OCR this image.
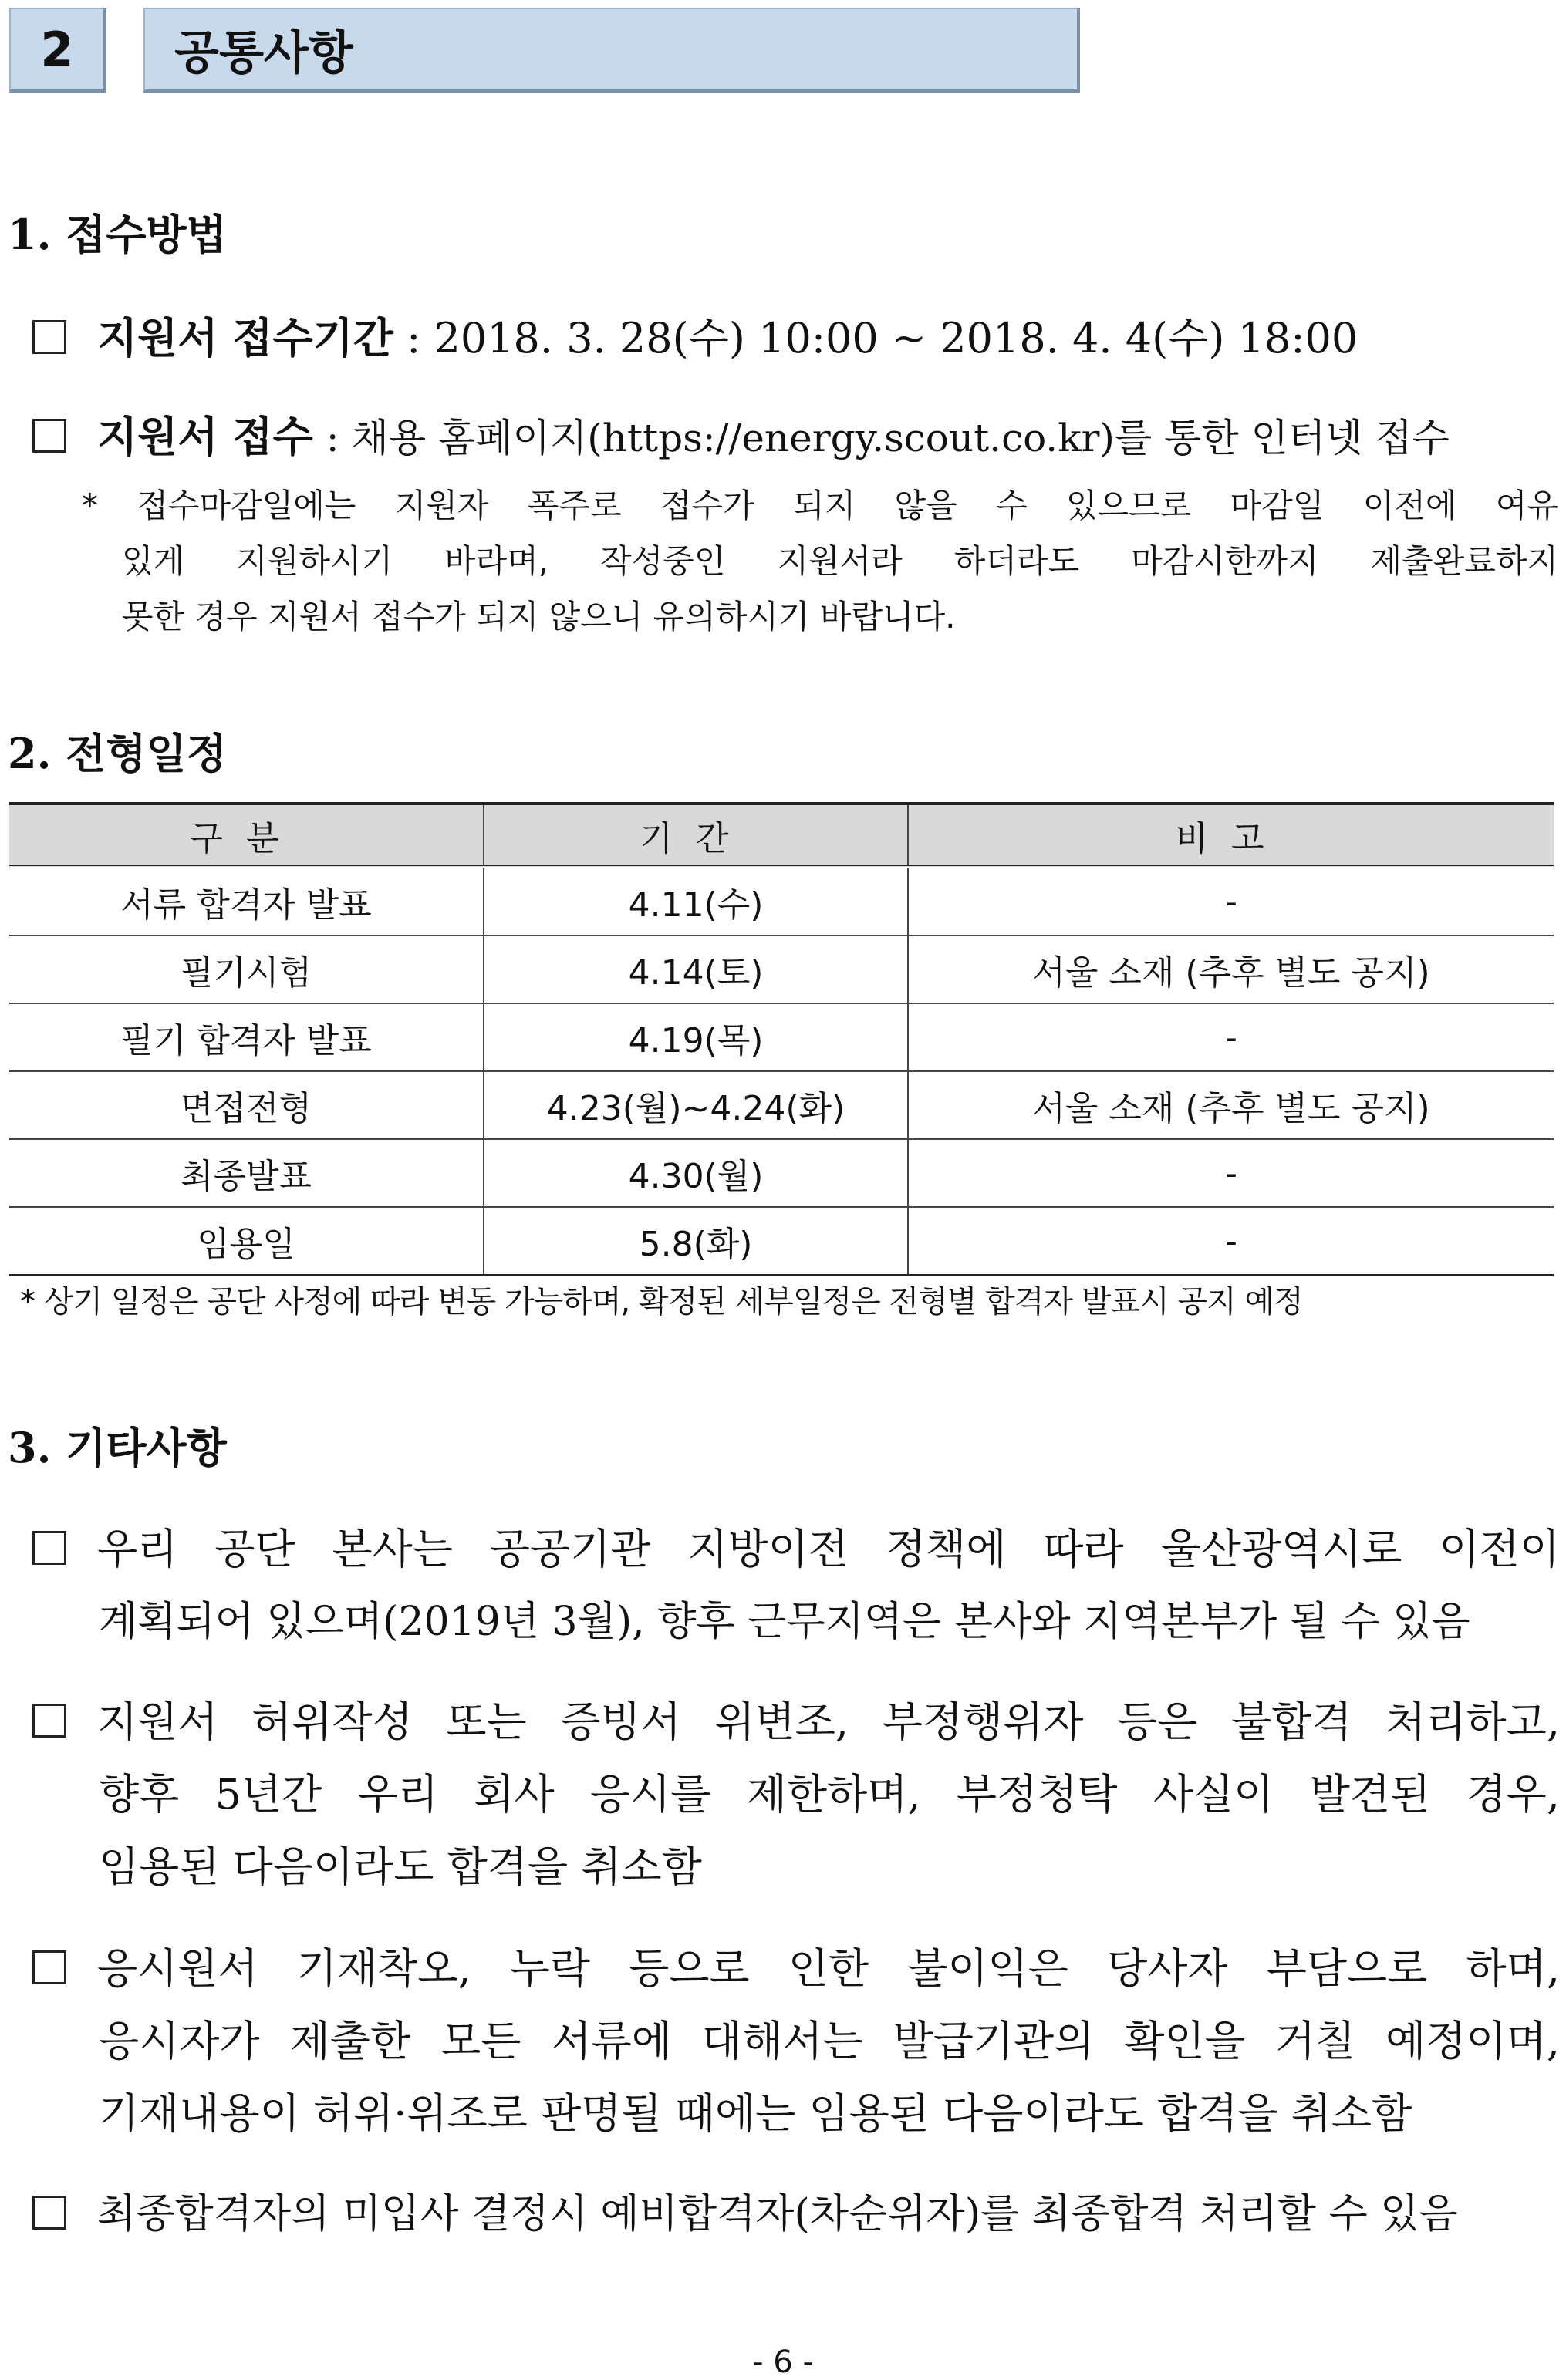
2 공통사항
1. 접수방법
지원서 접수기간 : 2018. 3. 28(수) 10:00 ~ 2018. 4. 4(수) 18:00
지원서 접수 : 채용 홈페이지(https://energy.scout.co.kr)를 통한 인터넷 접수
* 접수마감일에는 지원자 폭주로 접수가 되지 않을 수 있으므로 마감일 이전에 여유
있게 지원하시기 바라며, 작성중인 지원서라 하더라도 마감시한까지 제출완료하지
못한 경우 지원서 접수가 되지 않으니 유의하시기 바랍니다.
2. 전형일정
구분	기간	비고
서류 합격자 발표	4.11(수)	-
필기시험	4.14(토)	서울 소재 (추후 별도 공지)
필기 합격자 발표	4.19(목)	-
면접전형	4.23(월)~4.24(화)	서울 소재 (추후 별도 공지)
최종발표	4.30(월)	-
임용일	5.8(화)	-
* 상기 일정은 공단 사정에 따라 변동 가능하며, 확정된 세부일정은 전형별 합격자 발표시 공지 예정
3. 기타사항
우리 공단 본사는 공공기관 지방이전 정책에 따라 울산광역시로 이전이
계획되어 있으며(2019년 3월), 향후 근무지역은 본사와 지역본부가 될 수 있음
지원서 허위작성 또는 증빙서 위변조, 부정행위자 등은 불합격 처리하고,
향후 5년간 우리 회사 응시를 제한하며, 부정청탁 사실이 발견된 경우,
임용된 다음이라도 합격을 취소함
응시원서 기재착오, 누락 등으로 인한 불이익은 당사자 부담으로 하며,
응시자가 제출한 모든 서류에 대해서는 발급기관의 확인을 거칠 예정이며,
기재내용이 허위·위조로 판명될 때에는 임용된 다음이라도 합격을 취소함
최종합격자의 미입사 결정시 예비합격자(차순위자)를 최종합격 처리할 수 있음
- 6 -
